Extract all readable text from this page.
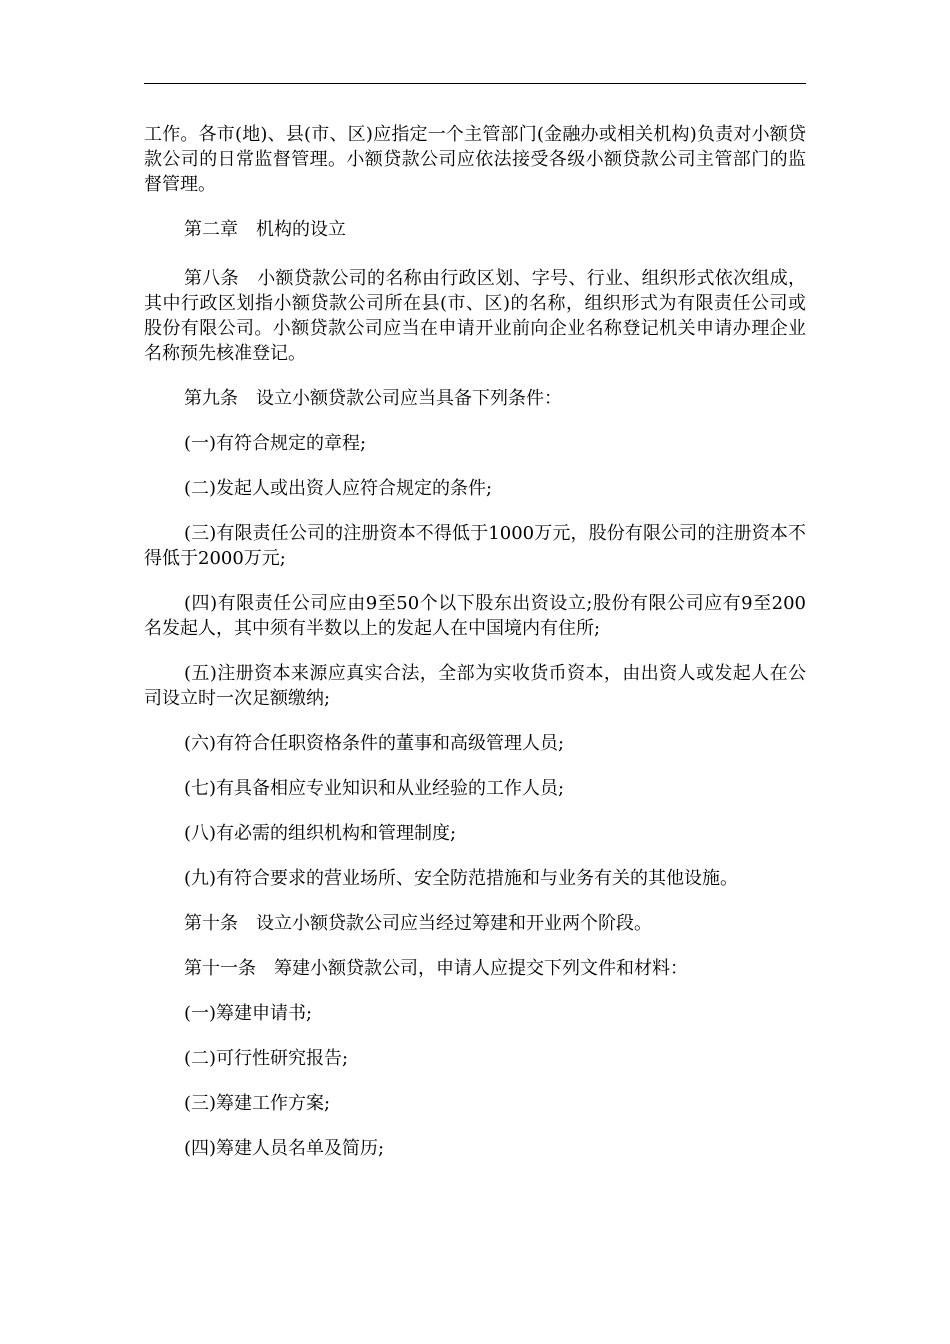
工作。各市(地)、县(市、区)应指定一个主管部门(金融办或相关机构)负责对小额贷款公司的日常监督管理。小额贷款公司应依法接受各级小额贷款公司主管部门的监督管理。

第二章　机构的设立

第八条　小额贷款公司的名称由行政区划、字号、行业、组织形式依次组成，其中行政区划指小额贷款公司所在县(市、区)的名称，组织形式为有限责任公司或股份有限公司。小额贷款公司应当在申请开业前向企业名称登记机关申请办理企业名称预先核准登记。

第九条　设立小额贷款公司应当具备下列条件：

(一)有符合规定的章程;

(二)发起人或出资人应符合规定的条件;

(三)有限责任公司的注册资本不得低于1000万元，股份有限公司的注册资本不得低于2000万元;

(四)有限责任公司应由9至50个以下股东出资设立;股份有限公司应有9至200名发起人，其中须有半数以上的发起人在中国境内有住所;

(五)注册资本来源应真实合法，全部为实收货币资本，由出资人或发起人在公司设立时一次足额缴纳;

(六)有符合任职资格条件的董事和高级管理人员;

(七)有具备相应专业知识和从业经验的工作人员;

(八)有必需的组织机构和管理制度;

(九)有符合要求的营业场所、安全防范措施和与业务有关的其他设施。

第十条　设立小额贷款公司应当经过筹建和开业两个阶段。

第十一条　筹建小额贷款公司，申请人应提交下列文件和材料：

(一)筹建申请书;

(二)可行性研究报告;

(三)筹建工作方案;

(四)筹建人员名单及简历;
